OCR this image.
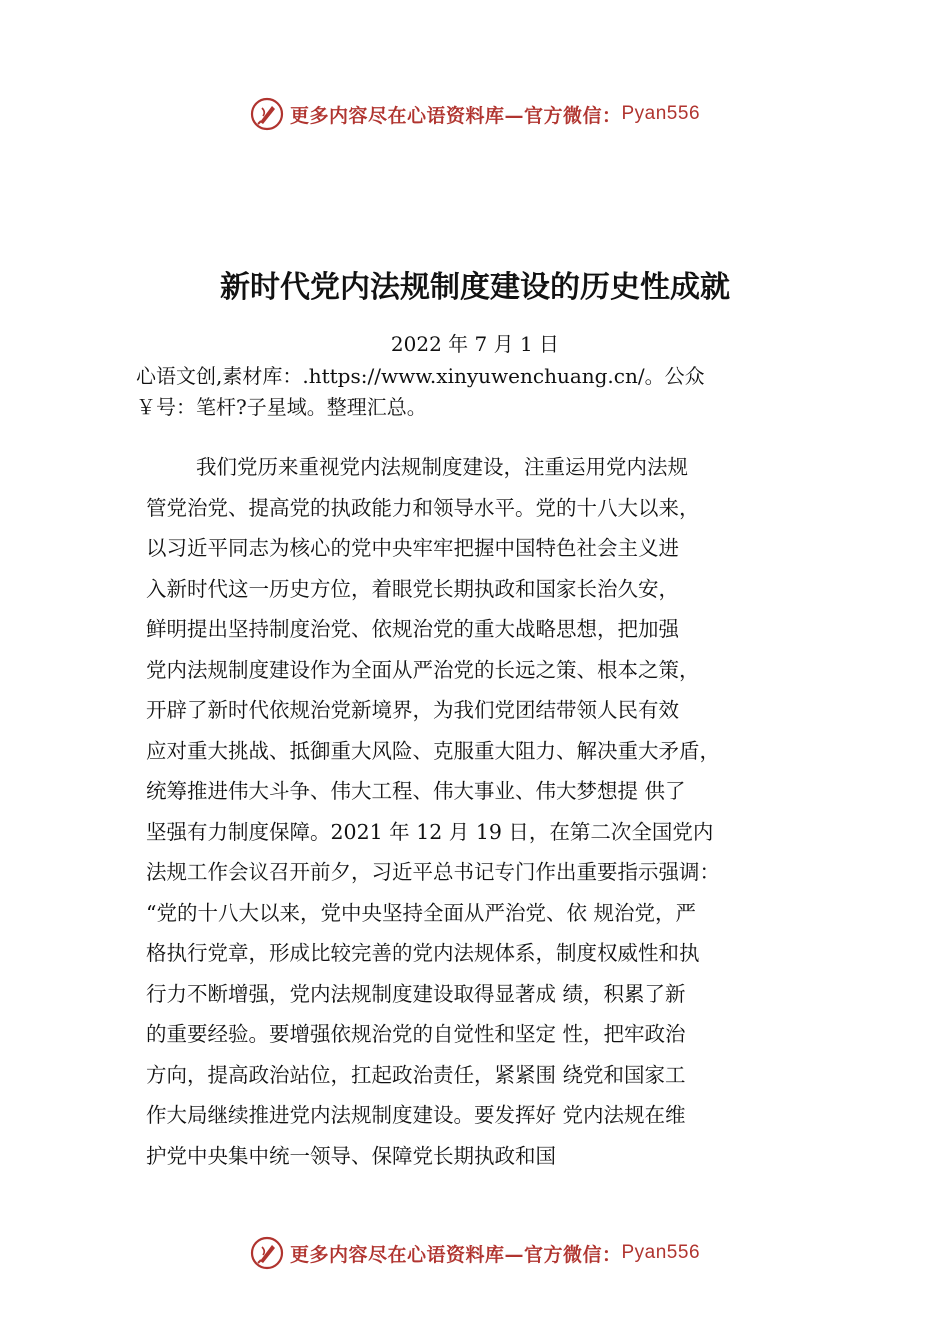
更多内容尽在心语资料库—官方微信： Pyan556
新时代党内法规制度建设的历史性成就

2022 年 7 月 1 日

心语文创,素材库：.https://www.xinyuwenchuang.cn/。公众
￥号：笔杆?子星域。整理汇总。
我们党历来重视党内法规制度建设，注重运用党内法规
管党治党、提高党的执政能力和领导水平。党的十八大以来，
以习近平同志为核心的党中央牢牢把握中国特色社会主义进
入新时代这一历史方位，着眼党长期执政和国家长治久安，
鲜明提出坚持制度治党、依规治党的重大战略思想，把加强
党内法规制度建设作为全面从严治党的长远之策、根本之策，
开辟了新时代依规治党新境界，为我们党团结带领人民有效
应对重大挑战、抵御重大风险、克服重大阻力、解决重大矛盾，
统筹推进伟大斗争、伟大工程、伟大事业、伟大梦想提 供了
坚强有力制度保障。2021 年 12 月 19 日，在第二次全国党内
法规工作会议召开前夕，习近平总书记专门作出重要指示强调：
“党的十八大以来，党中央坚持全面从严治党、依 规治党，严
格执行党章，形成比较完善的党内法规体系，制度权威性和执
行力不断增强，党内法规制度建设取得显著成 绩，积累了新
的重要经验。要增强依规治党的自觉性和坚定 性，把牢政治
方向，提高政治站位，扛起政治责任，紧紧围 绕党和国家工
作大局继续推进党内法规制度建设。要发挥好 党内法规在维
护党中央集中统一领导、保障党长期执政和国
更多内容尽在心语资料库—官方微信： Pyan556
